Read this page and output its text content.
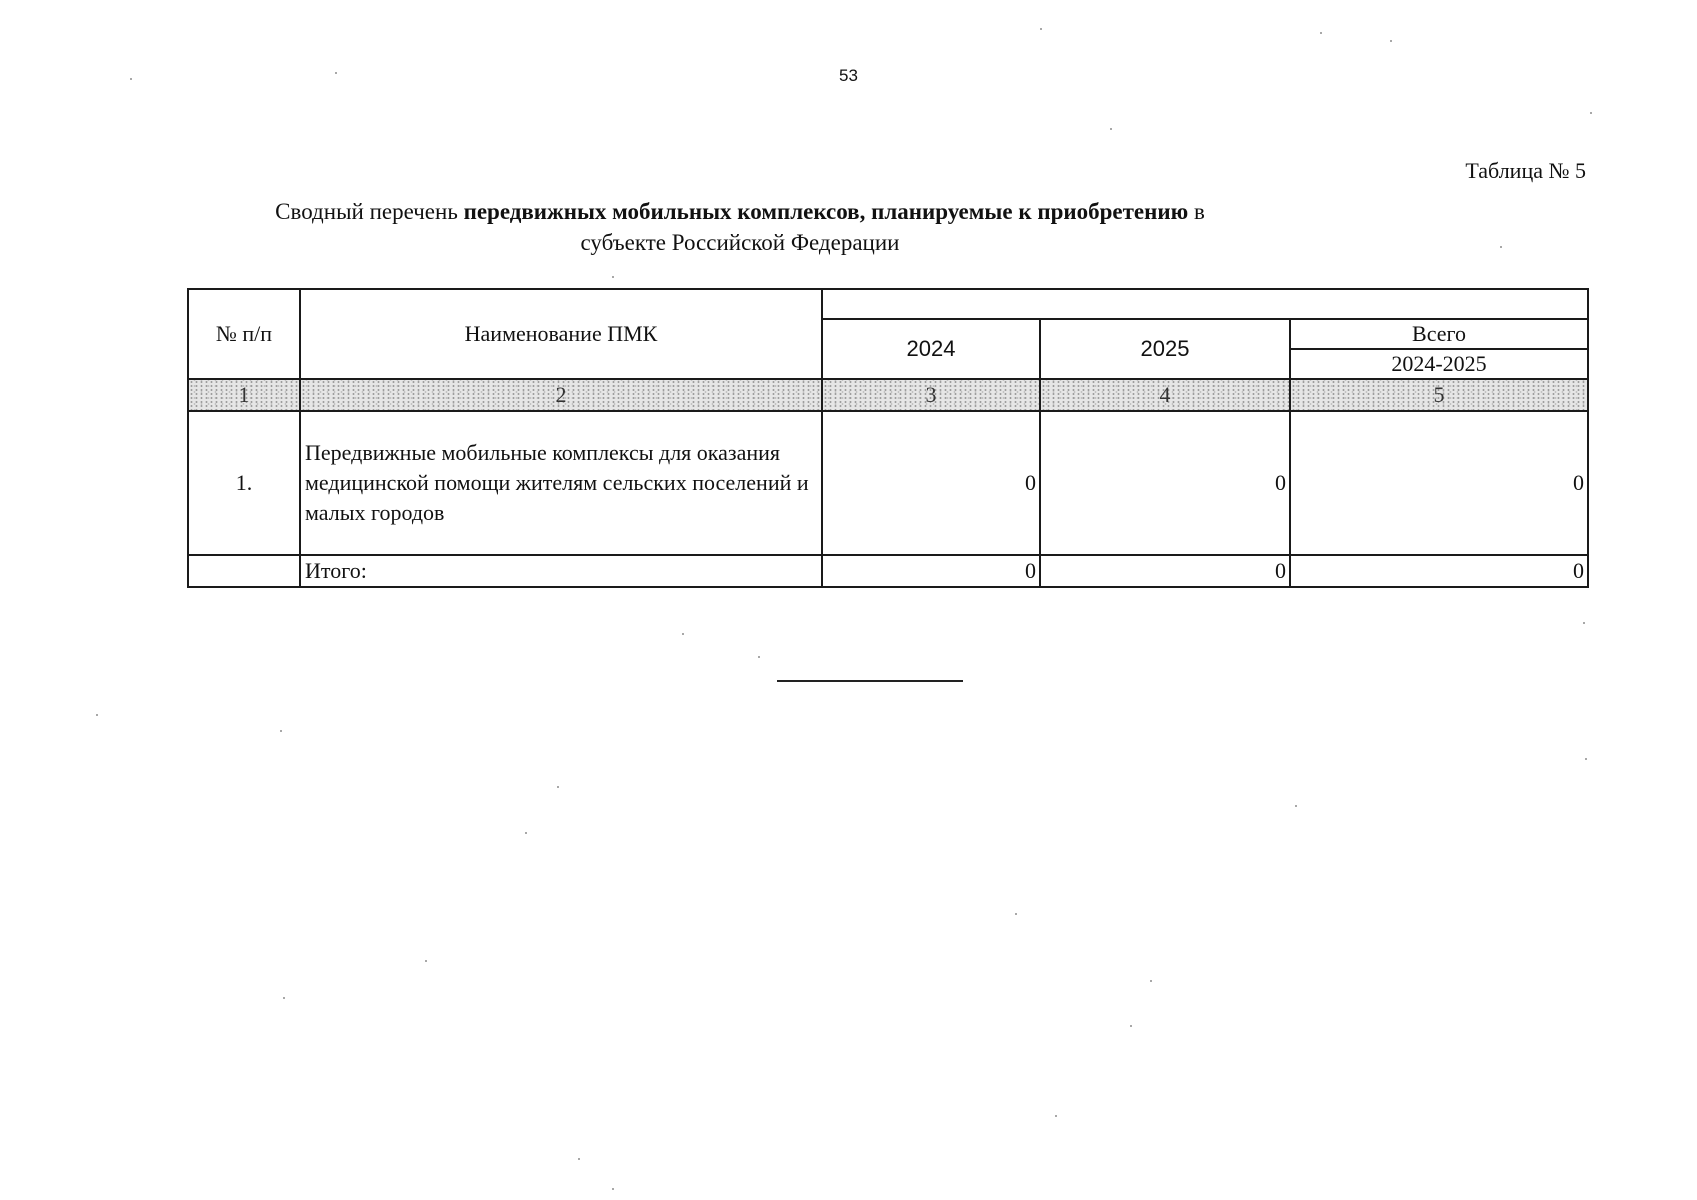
53
Таблица № 5
Сводный перечень передвижных мобильных комплексов, планируемые к приобретению в
субъекте Российской Федерации
№ п/п	Наименование ПМК			
		2024	2025	Всего
				2024-2025
1	2	3	4	5
1.	Передвижные мобильные комплексы для оказания медицинской помощи жителям сельских поселений и малых городов	0	0	0
	Итого:	0	0	0
